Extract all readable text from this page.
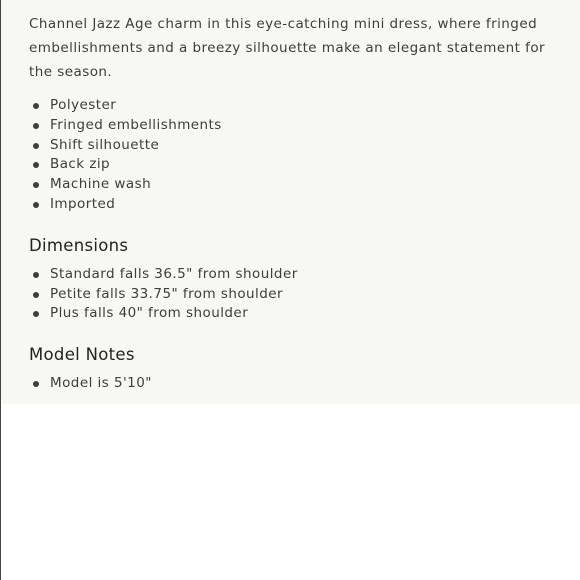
Channel Jazz Age charm in this eye-catching mini dress, where fringed embellishments and a breezy silhouette make an elegant statement for the season.

Polyester
Fringed embellishments
Shift silhouette
Back zip
Machine wash
Imported
Dimensions
Standard falls 36.5" from shoulder
Petite falls 33.75" from shoulder
Plus falls 40" from shoulder
Model Notes
Model is 5'10"
